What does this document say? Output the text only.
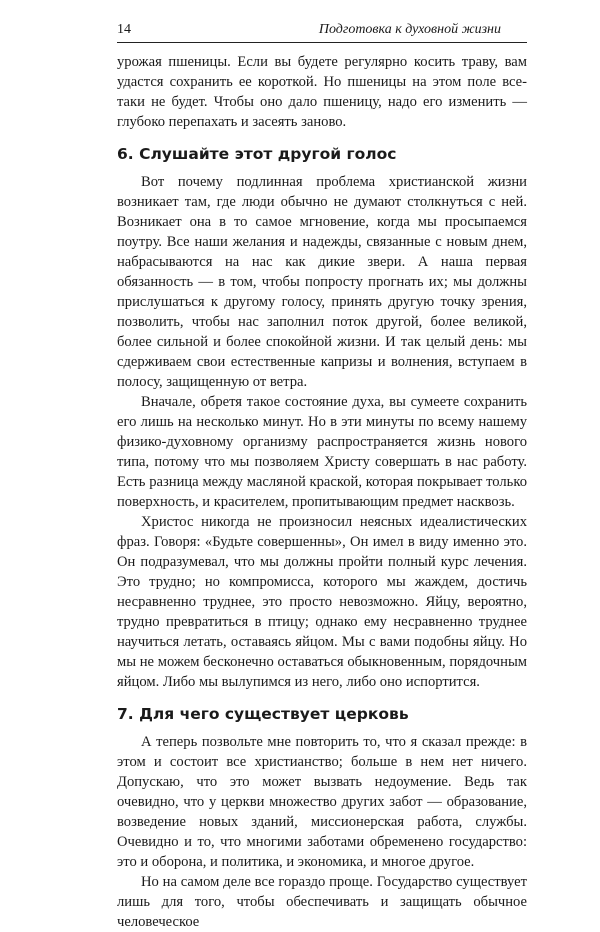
14	Подготовка к духовной жизни

урожая пшеницы. Если вы будете регулярно косить траву, вам удастся сохранить ее короткой. Но пшеницы на этом поле все-таки не будет. Чтобы оно дало пшеницу, надо его изменить — глубоко перепахать и засеять заново.

6. Слушайте этот другой голос

Вот почему подлинная проблема христианской жизни возникает там, где люди обычно не думают столкнуться с ней. Возникает она в то самое мгновение, когда мы просыпаемся поутру. Все наши желания и надежды, связанные с новым днем, набрасываются на нас как дикие звери. А наша первая обязанность — в том, чтобы попросту прогнать их; мы должны прислушаться к другому голосу, принять другую точку зрения, позволить, чтобы нас заполнил поток другой, более великой, более сильной и более спокойной жизни. И так целый день: мы сдерживаем свои естественные капризы и волнения, вступаем в полосу, защищенную от ветра.

Вначале, обретя такое состояние духа, вы сумеете сохранить его лишь на несколько минут. Но в эти минуты по всему нашему физико-духовному организму распространяется жизнь нового типа, потому что мы позволяем Христу совершать в нас работу. Есть разница между масляной краской, которая покрывает только поверхность, и красителем, пропитывающим предмет насквозь.

Христос никогда не произносил неясных идеалистических фраз. Говоря: «Будьте совершенны», Он имел в виду именно это. Он подразумевал, что мы должны пройти полный курс лечения. Это трудно; но компромисса, которого мы жаждем, достичь несравненно труднее, это просто невозможно. Яйцу, вероятно, трудно превратиться в птицу; однако ему несравненно труднее научиться летать, оставаясь яйцом. Мы с вами подобны яйцу. Но мы не можем бесконечно оставаться обыкновенным, порядочным яйцом. Либо мы вылупимся из него, либо оно испортится.

7. Для чего существует церковь

А теперь позвольте мне повторить то, что я сказал прежде: в этом и состоит все христианство; больше в нем нет ничего. Допускаю, что это может вызвать недоумение. Ведь так очевидно, что у церкви множество других забот — образование, возведение новых зданий, миссионерская работа, службы. Очевидно и то, что многими заботами обременено государство: это и оборона, и политика, и экономика, и многое другое.

Но на самом деле все гораздо проще. Государство существует лишь для того, чтобы обеспечивать и защищать обычное человеческое
